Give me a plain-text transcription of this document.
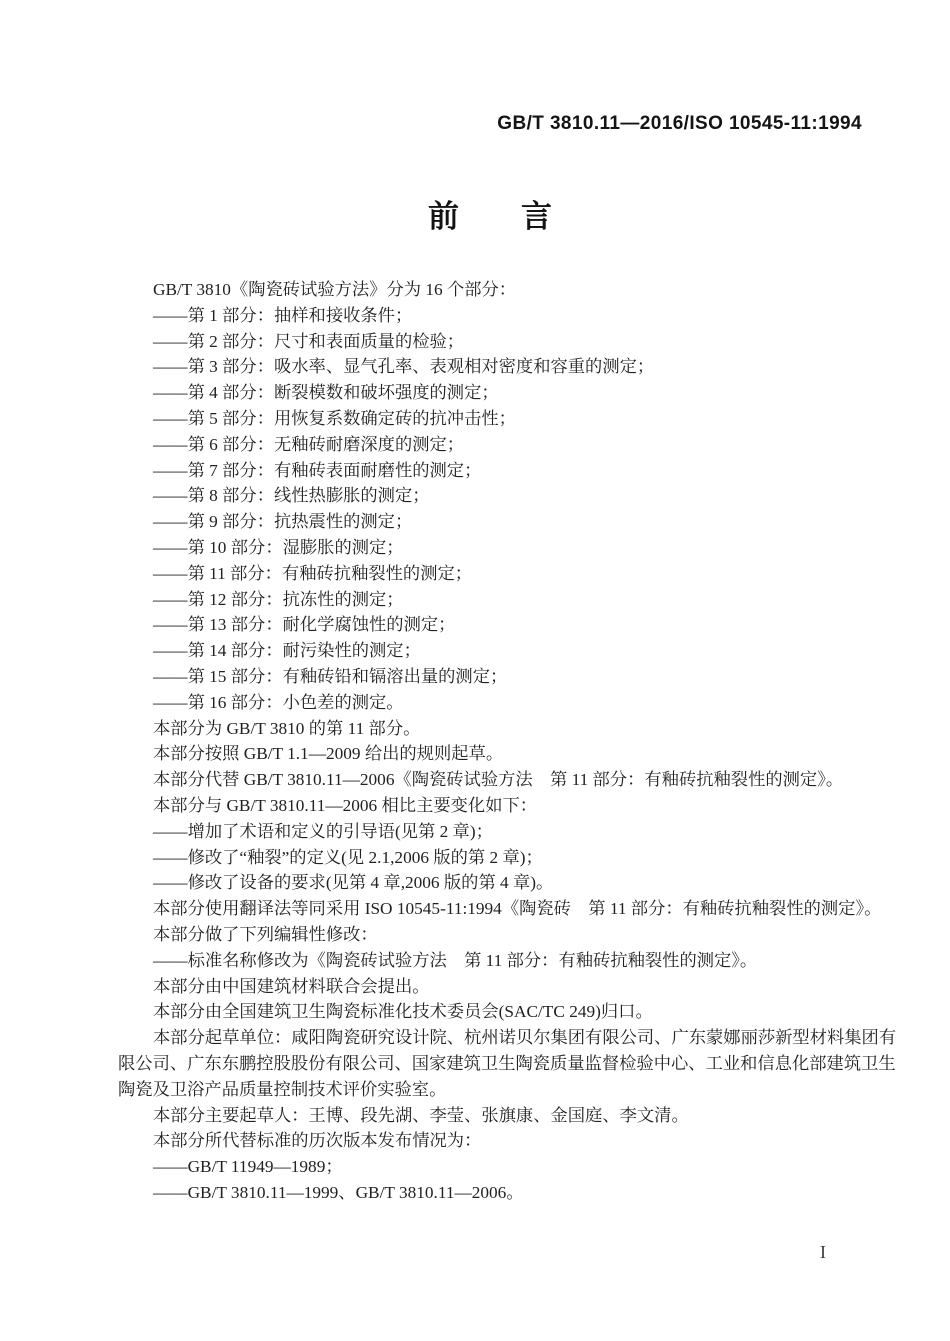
GB/T 3810.11—2016/ISO 10545-11:1994
前　　言
GB/T 3810《陶瓷砖试验方法》分为 16 个部分：
——第 1 部分：抽样和接收条件；
——第 2 部分：尺寸和表面质量的检验；
——第 3 部分：吸水率、显气孔率、表观相对密度和容重的测定；
——第 4 部分：断裂模数和破坏强度的测定；
——第 5 部分：用恢复系数确定砖的抗冲击性；
——第 6 部分：无釉砖耐磨深度的测定；
——第 7 部分：有釉砖表面耐磨性的测定；
——第 8 部分：线性热膨胀的测定；
——第 9 部分：抗热震性的测定；
——第 10 部分：湿膨胀的测定；
——第 11 部分：有釉砖抗釉裂性的测定；
——第 12 部分：抗冻性的测定；
——第 13 部分：耐化学腐蚀性的测定；
——第 14 部分：耐污染性的测定；
——第 15 部分：有釉砖铅和镉溶出量的测定；
——第 16 部分：小色差的测定。
本部分为 GB/T 3810 的第 11 部分。
本部分按照 GB/T 1.1—2009 给出的规则起草。
本部分代替 GB/T 3810.11—2006《陶瓷砖试验方法　第 11 部分：有釉砖抗釉裂性的测定》。
本部分与 GB/T 3810.11—2006 相比主要变化如下：
——增加了术语和定义的引导语(见第 2 章)；
——修改了“釉裂”的定义(见 2.1,2006 版的第 2 章)；
——修改了设备的要求(见第 4 章,2006 版的第 4 章)。
本部分使用翻译法等同采用 ISO 10545-11:1994《陶瓷砖　第 11 部分：有釉砖抗釉裂性的测定》。
本部分做了下列编辑性修改：
——标准名称修改为《陶瓷砖试验方法　第 11 部分：有釉砖抗釉裂性的测定》。
本部分由中国建筑材料联合会提出。
本部分由全国建筑卫生陶瓷标准化技术委员会(SAC/TC 249)归口。
本部分起草单位：咸阳陶瓷研究设计院、杭州诺贝尔集团有限公司、广东蒙娜丽莎新型材料集团有
限公司、广东东鹏控股股份有限公司、国家建筑卫生陶瓷质量监督检验中心、工业和信息化部建筑卫生
陶瓷及卫浴产品质量控制技术评价实验室。
本部分主要起草人：王博、段先湖、李莹、张旗康、金国庭、李文清。
本部分所代替标准的历次版本发布情况为：
——GB/T 11949—1989；
——GB/T 3810.11—1999、GB/T 3810.11—2006。
I
